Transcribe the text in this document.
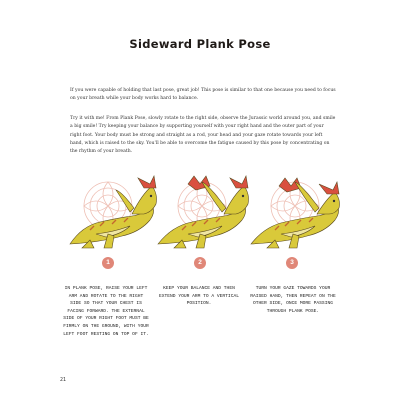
Sideward Plank Pose

If you were capable of holding that last pose, great job! This pose is similar to that one because you need to focus on your breath while your body works hard to balance.

Try it with me! From Plank Pose, slowly rotate to the right side, observe the Jurassic world around you, and smile a big smile! Try keeping your balance by supporting yourself with your right hand and the outer part of your right foot. Your body must be strong and straight as a rod, your head and your gaze rotate towards your left hand, which is raised to the sky. You'll be able to overcome the fatigue caused by this pose by concentrating on the rhythm of your breath.

1	2	3

IN PLANK POSE, RAISE YOUR LEFT ARM AND ROTATE TO THE RIGHT SIDE SO THAT YOUR CHEST IS FACING FORWARD. THE EXTERNAL SIDE OF YOUR RIGHT FOOT MUST BE FIRMLY ON THE GROUND, WITH YOUR LEFT FOOT RESTING ON TOP OF IT.

KEEP YOUR BALANCE AND THEN EXTEND YOUR ARM TO A VERTICAL POSITION.

TURN YOUR GAZE TOWARDS YOUR RAISED HAND, THEN REPEAT ON THE OTHER SIDE, ONCE MORE PASSING THROUGH PLANK POSE.

21
